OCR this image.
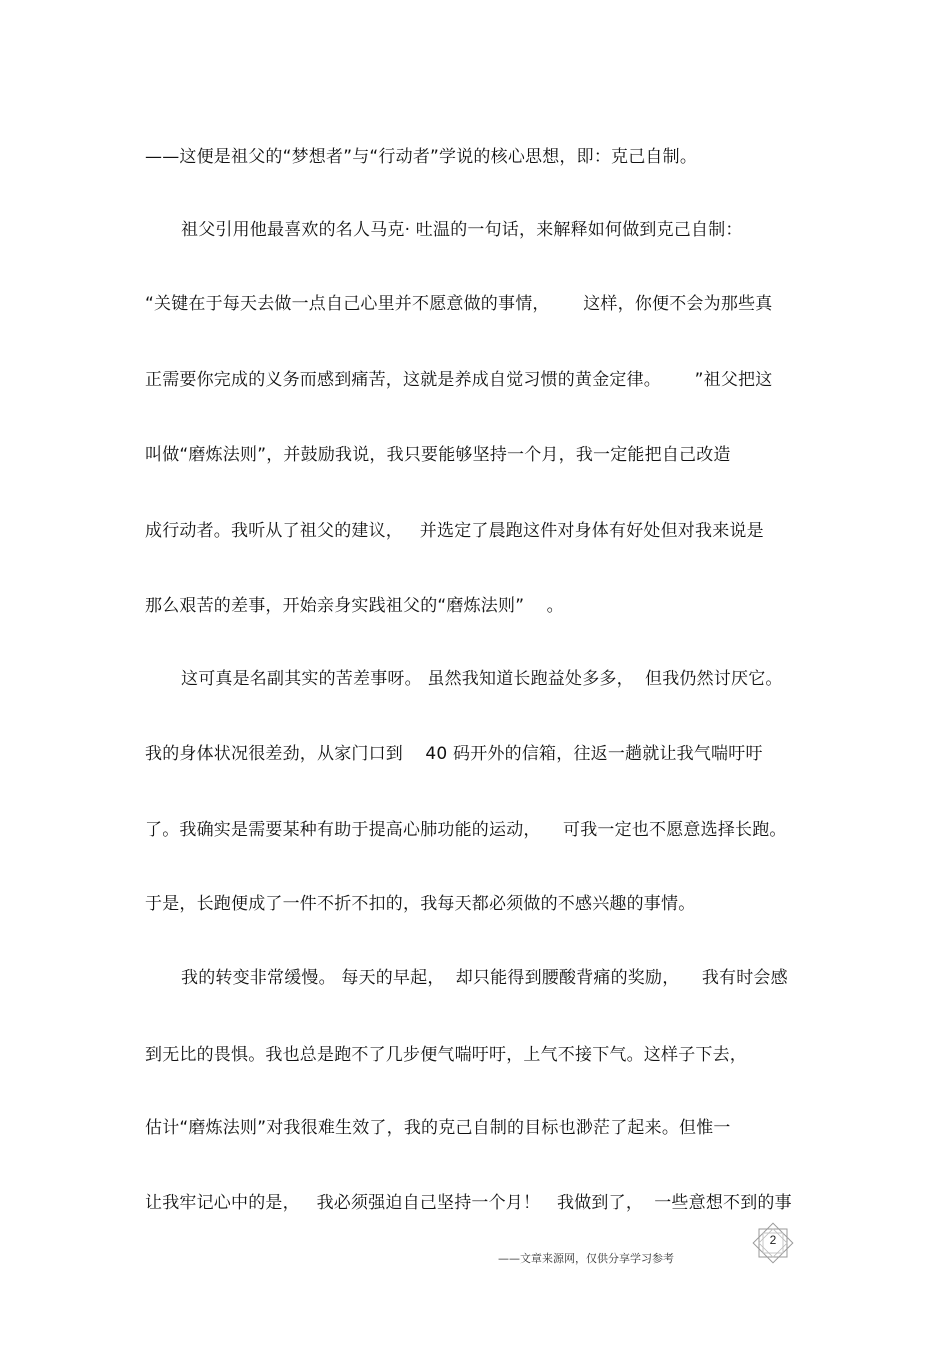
——这便是祖父的“梦想者”与“行动者”学说的核心思想，即：克己自制。
祖父引用他最喜欢的名人马克· 吐温的一句话，来解释如何做到克己自制：
“关键在于每天去做一点自己心里并不愿意做的事情，      这样，你便不会为那些真
正需要你完成的义务而感到痛苦，这就是养成自觉习惯的黄金定律。      ”祖父把这
叫做“磨炼法则”，并鼓励我说，我只要能够坚持一个月，我一定能把自己改造
成行动者。我听从了祖父的建议，   并选定了晨跑这件对身体有好处但对我来说是
那么艰苦的差事，开始亲身实践祖父的“磨炼法则”    。
这可真是名副其实的苦差事呀。 虽然我知道长跑益处多多，  但我仍然讨厌它。
我的身体状况很差劲，从家门口到    40 码开外的信箱，往返一趟就让我气喘吁吁
了。我确实是需要某种有助于提高心肺功能的运动，    可我一定也不愿意选择长跑。
于是，长跑便成了一件不折不扣的，我每天都必须做的不感兴趣的事情。
我的转变非常缓慢。 每天的早起，  却只能得到腰酸背痛的奖励，    我有时会感
到无比的畏惧。我也总是跑不了几步便气喘吁吁，上气不接下气。这样子下去，
估计“磨炼法则”对我很难生效了，我的克己自制的目标也渺茫了起来。但惟一
让我牢记心中的是，   我必须强迫自己坚持一个月！   我做到了，  一些意想不到的事
——文章来源网，仅供分享学习参考
2
